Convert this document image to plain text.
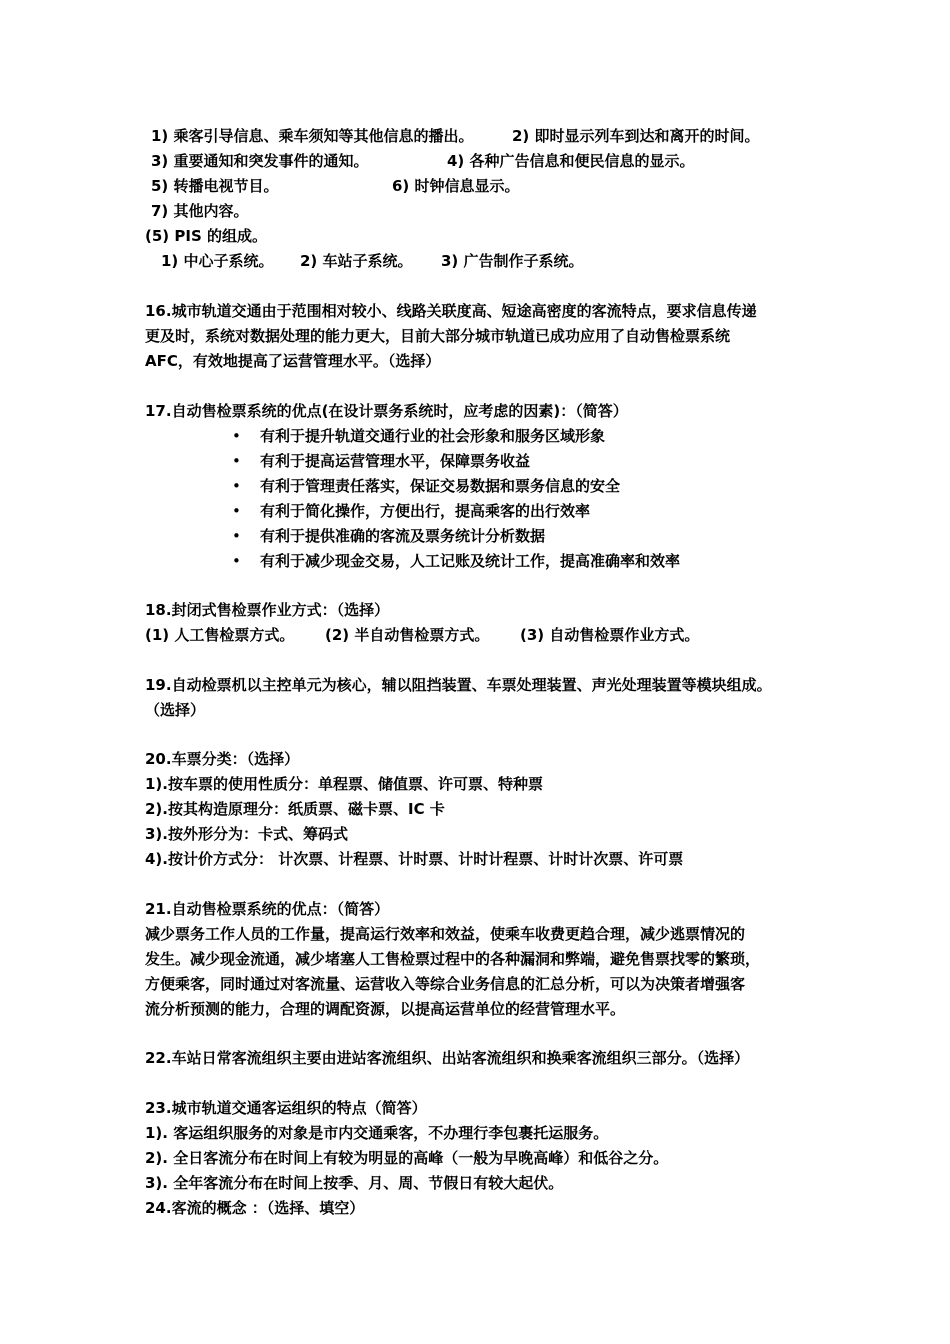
1) 乘客引导信息、乘车须知等其他信息的播出。	2) 即时显示列车到达和离开的时间。
3) 重要通知和突发事件的通知。	4) 各种广告信息和便民信息的显示。
5) 转播电视节目。	6) 时钟信息显示。
7) 其他内容。
(5) PIS 的组成。
1) 中心子系统。 2) 车站子系统。 3) 广告制作子系统。
16.城市轨道交通由于范围相对较小、线路关联度高、短途高密度的客流特点，要求信息传递
更及时，系统对数据处理的能力更大，目前大部分城市轨道已成功应用了自动售检票系统
AFC，有效地提高了运营管理水平。（选择）
17.自动售检票系统的优点(在设计票务系统时，应考虑的因素)：（简答）
• 有利于提升轨道交通行业的社会形象和服务区域形象
• 有利于提高运营管理水平，保障票务收益
• 有利于管理责任落实，保证交易数据和票务信息的安全
• 有利于简化操作，方便出行，提高乘客的出行效率
• 有利于提供准确的客流及票务统计分析数据
• 有利于减少现金交易，人工记账及统计工作，提高准确率和效率
18.封闭式售检票作业方式：（选择）
(1) 人工售检票方式。 (2) 半自动售检票方式。 (3) 自动售检票作业方式。
19.自动检票机以主控单元为核心，辅以阻挡装置、车票处理装置、声光处理装置等模块组成。
（选择）
20.车票分类：（选择）
1).按车票的使用性质分：单程票、储值票、许可票、特种票
2).按其构造原理分：纸质票、磁卡票、IC 卡
3).按外形分为：卡式、筹码式
4).按计价方式分： 计次票、计程票、计时票、计时计程票、计时计次票、许可票
21.自动售检票系统的优点：（简答）
减少票务工作人员的工作量，提高运行效率和效益，使乘车收费更趋合理，减少逃票情况的
发生。减少现金流通，减少堵塞人工售检票过程中的各种漏洞和弊端，避免售票找零的繁琐，
方便乘客，同时通过对客流量、运营收入等综合业务信息的汇总分析，可以为决策者增强客
流分析预测的能力，合理的调配资源，以提高运营单位的经营管理水平。
22.车站日常客流组织主要由进站客流组织、出站客流组织和换乘客流组织三部分。（选择）
23.城市轨道交通客运组织的特点（简答）
1). 客运组织服务的对象是市内交通乘客，不办理行李包裹托运服务。
2). 全日客流分布在时间上有较为明显的高峰（一般为早晚高峰）和低谷之分。
3). 全年客流分布在时间上按季、月、周、节假日有较大起伏。
24.客流的概念 ：（选择、填空）
